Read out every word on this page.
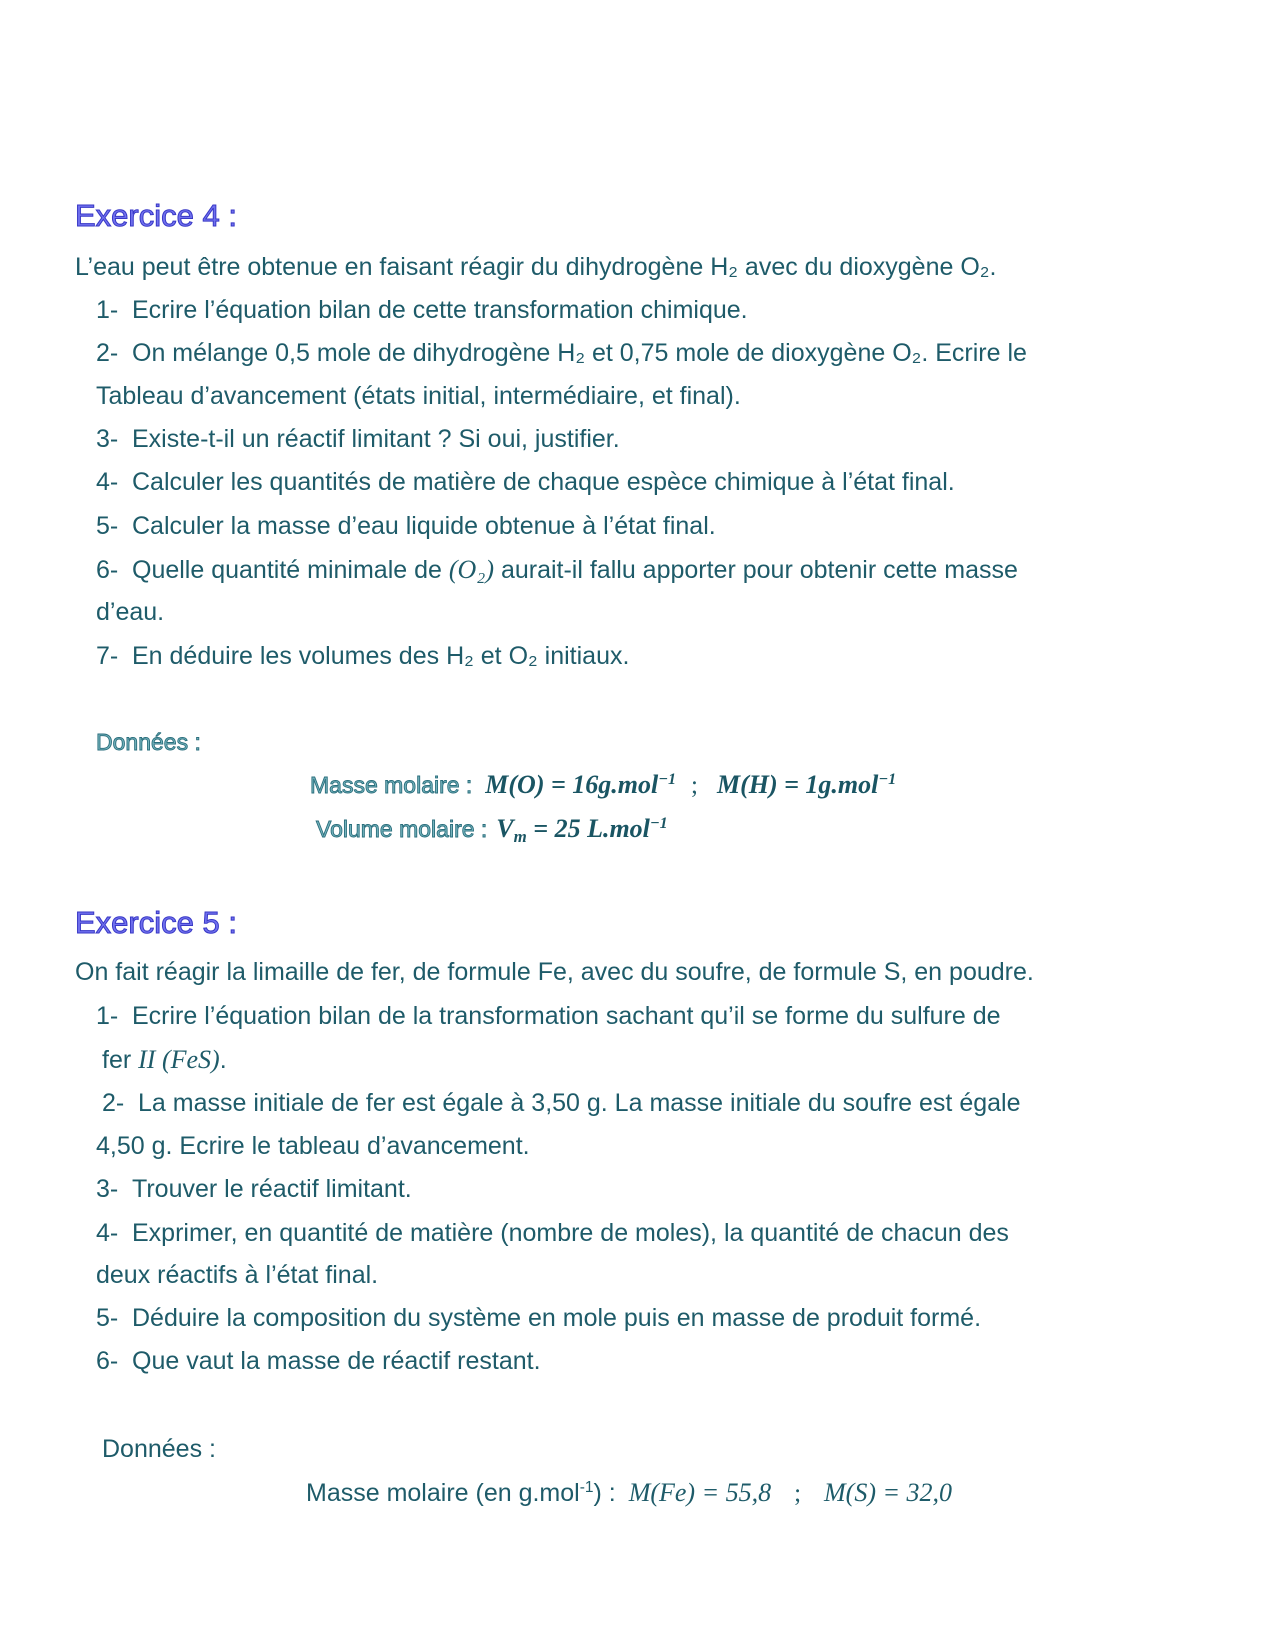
Exercice 4 :
L’eau peut être obtenue en faisant réagir du dihydrogène H₂ avec du dioxygène O₂.
1- Ecrire l’équation bilan de cette transformation chimique.
2- On mélange 0,5 mole de dihydrogène H₂ et 0,75 mole de dioxygène O₂. Ecrire le
Tableau d’avancement (états initial, intermédiaire, et final).
3- Existe-t-il un réactif limitant ? Si oui, justifier.
4- Calculer les quantités de matière de chaque espèce chimique à l’état final.
5- Calculer la masse d’eau liquide obtenue à l’état final.
6- Quelle quantité minimale de (O₂) aurait-il fallu apporter pour obtenir cette masse
d’eau.
7- En déduire les volumes des H₂ et O₂ initiaux.
Données :
Masse molaire : M(O) = 16g.mol$^{-1}$ ; M(H) = 1g.mol$^{-1}$
Volume molaire : Vm = 25 L.mol$^{-1}$
Exercice 5 :
On fait réagir la limaille de fer, de formule Fe, avec du soufre, de formule S, en poudre.
1- Ecrire l’équation bilan de la transformation sachant qu’il se forme du sulfure de
fer II (FeS).
2- La masse initiale de fer est égale à 3,50 g. La masse initiale du soufre est égale
4,50 g. Ecrire le tableau d’avancement.
3- Trouver le réactif limitant.
4- Exprimer, en quantité de matière (nombre de moles), la quantité de chacun des
deux réactifs à l’état final.
5- Déduire la composition du système en mole puis en masse de produit formé.
6- Que vaut la masse de réactif restant.
Données :
Masse molaire (en g.mol$^{-1}$) : M(Fe) = 55,8 ; M(S) = 32,0
